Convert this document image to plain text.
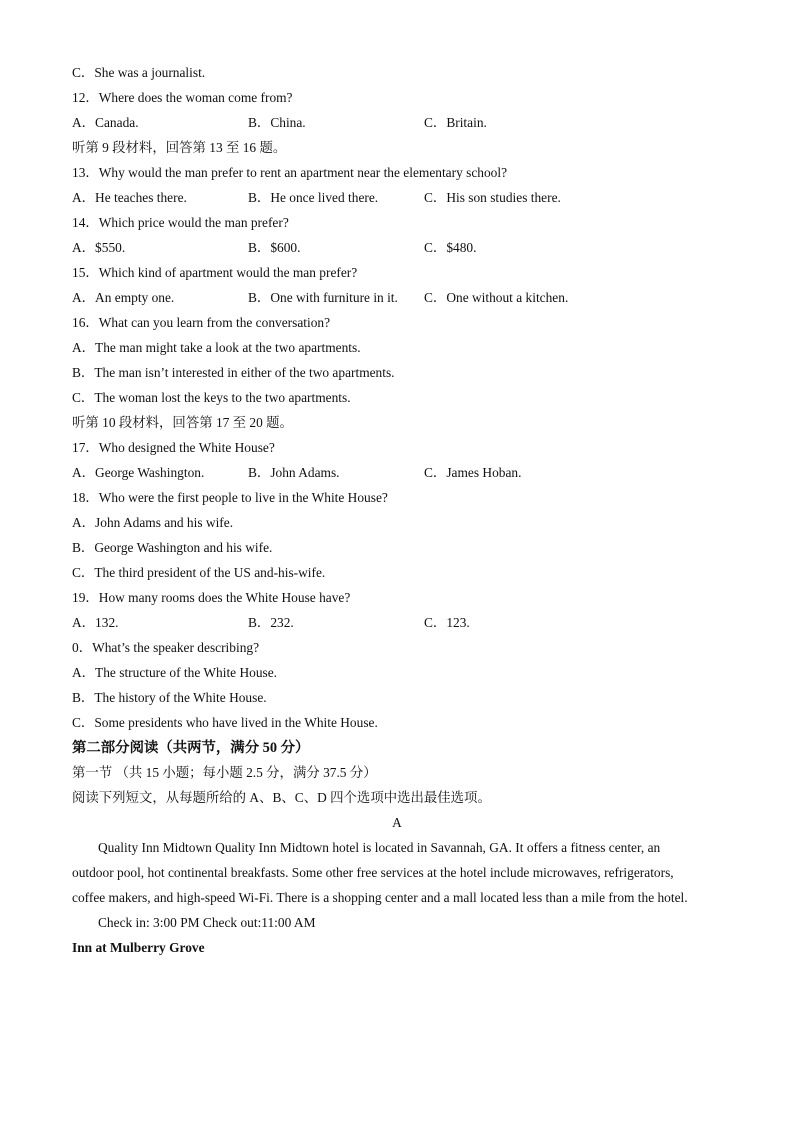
C．She was a journalist.
12．Where does the woman come from?
A．Canada.	B．China.	C．Britain.
听第 9 段材料，回答第 13 至 16 题。
13．Why would the man prefer to rent an apartment near the elementary school?
A．He teaches there.	B．He once lived there.	C．His son studies there.
14．Which price would the man prefer?
A．$550.	B．$600.	C．$480.
15．Which kind of apartment would the man prefer?
A．An empty one.	B．One with furniture in it. C．One without a kitchen.
16．What can you learn from the conversation?
A．The man might take a look at the two apartments.
B．The man isn’t interested in either of the two apartments.
C．The woman lost the keys to the two apartments.
听第 10 段材料，回答第 17 至 20 题。
17．Who designed the White House?
A．George Washington.	B．John Adams.	C．James Hoban.
18．Who were the first people to live in the White House?
A．John Adams and his wife.
B．George Washington and his wife.
C．The third president of the US and-his-wife.
19．How many rooms does the White House have?
A．132.	B．232.	C．123.
0．What’s the speaker describing?
A．The structure of the White House.
B．The history of the White House.
C．Some presidents who have lived in the White House.
第二部分阅读（共两节，满分 50 分）
第一节 （共 15 小题；每小题 2.5 分，满分 37.5 分）
阅读下列短文，从每题所给的 A、B、C、D 四个选项中选出最佳选项。
A
Quality Inn Midtown Quality Inn Midtown hotel is located in Savannah, GA. It offers a fitness center, an
outdoor pool, hot continental breakfasts. Some other free services at the hotel include microwaves, refrigerators,
coffee makers, and high-speed Wi-Fi. There is a shopping center and a mall located less than a mile from the hotel.
Check in: 3:00 PM Check out:11:00 AM
Inn at Mulberry Grove
